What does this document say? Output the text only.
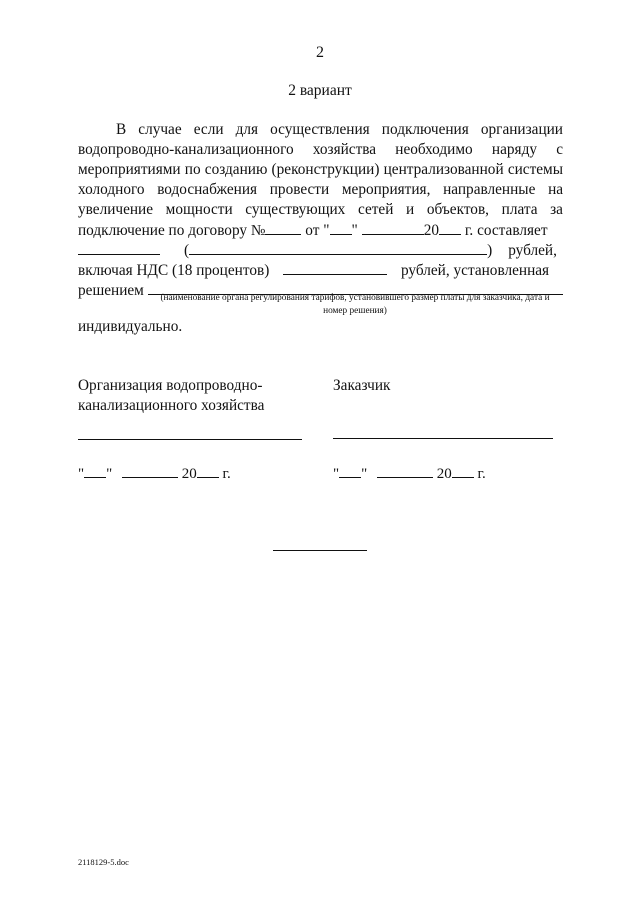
2
2 вариант
В случае если для осуществления подключения организации
водопроводно-канализационного хозяйства необходимо наряду с
мероприятиями по созданию (реконструкции) централизованной системы
холодного водоснабжения провести мероприятия, направленные на
увеличение мощности существующих сетей и объектов, плата за
подключение по договору №	от " "	20 г. составляет
(	) рублей,
включая НДС (18 процентов)	рублей, установленная
решением	(наименование органа регулирования тарифов, установившего размер платы для заказчика, дата и номер решения)
индивидуально.
Организация водопроводно-
канализационного хозяйства
Заказчик
" "	20 г.	" "	20 г.
2118129-5.doc
